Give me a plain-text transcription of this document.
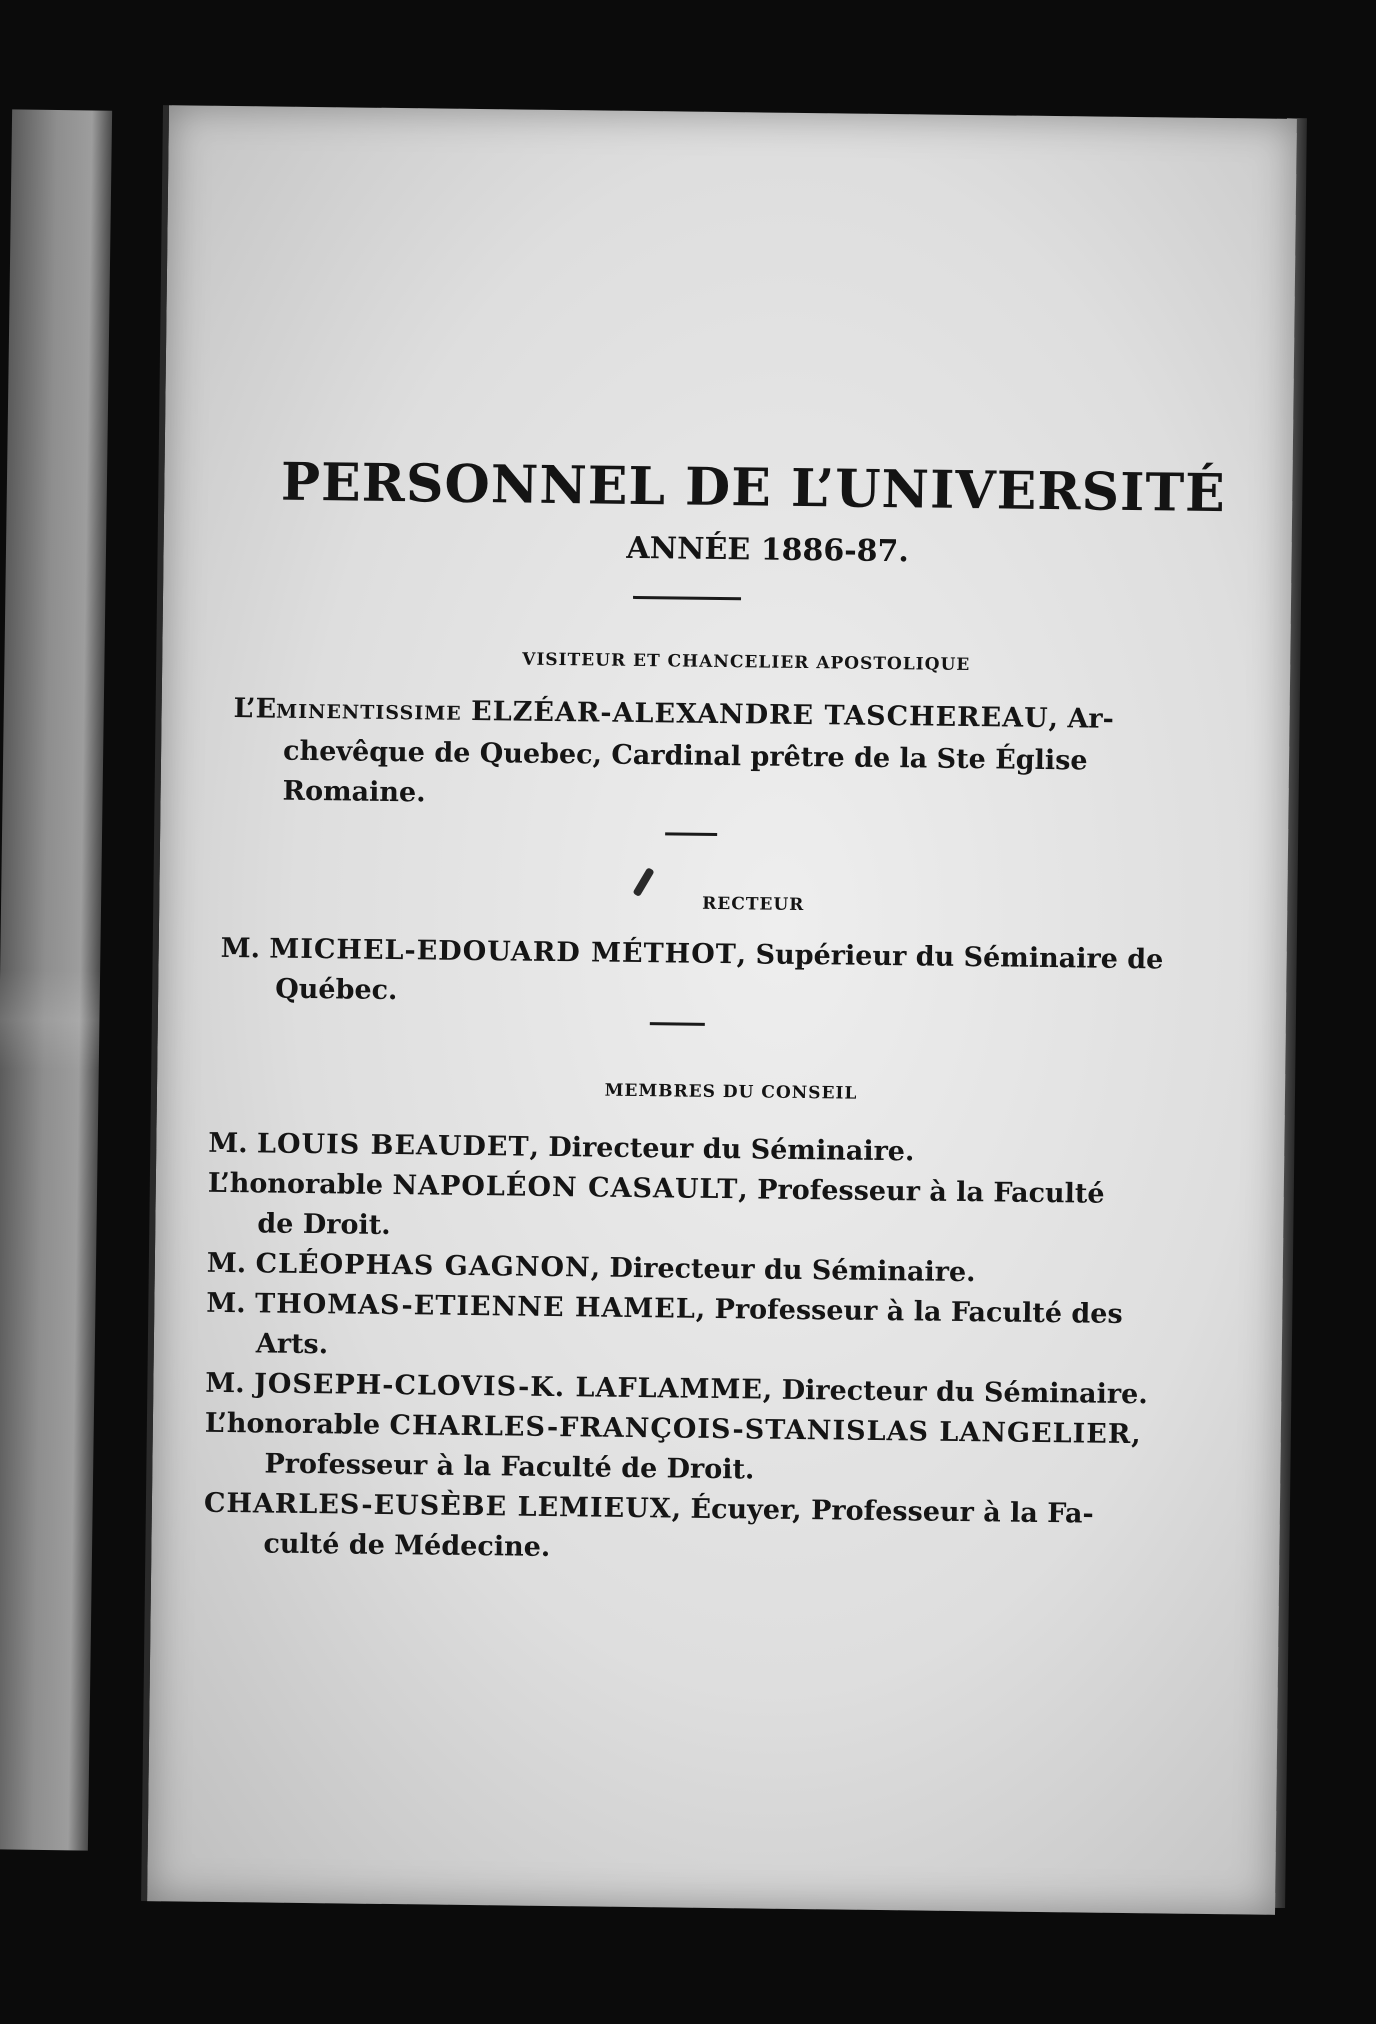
PERSONNEL DE L’UNIVERSITÉ
ANNÉE 1886-87.
VISITEUR ET CHANCELIER APOSTOLIQUE
L’EMINENTISSIME ELZÉAR-ALEXANDRE TASCHEREAU, Ar-
chevêque de Quebec, Cardinal prêtre de la Ste Église
Romaine.
RECTEUR
M. MICHEL-EDOUARD MÉTHOT, Supérieur du Séminaire de
Québec.
MEMBRES DU CONSEIL
M. LOUIS BEAUDET, Directeur du Séminaire.
L’honorable NAPOLÉON CASAULT, Professeur à la Faculté
de Droit.
M. CLÉOPHAS GAGNON, Directeur du Séminaire.
M. THOMAS-ETIENNE HAMEL, Professeur à la Faculté des
Arts.
M. JOSEPH-CLOVIS-K. LAFLAMME, Directeur du Séminaire.
L’honorable CHARLES-FRANÇOIS-STANISLAS LANGELIER,
Professeur à la Faculté de Droit.
CHARLES-EUSÈBE LEMIEUX, Écuyer, Professeur à la Fa-
culté de Médecine.
